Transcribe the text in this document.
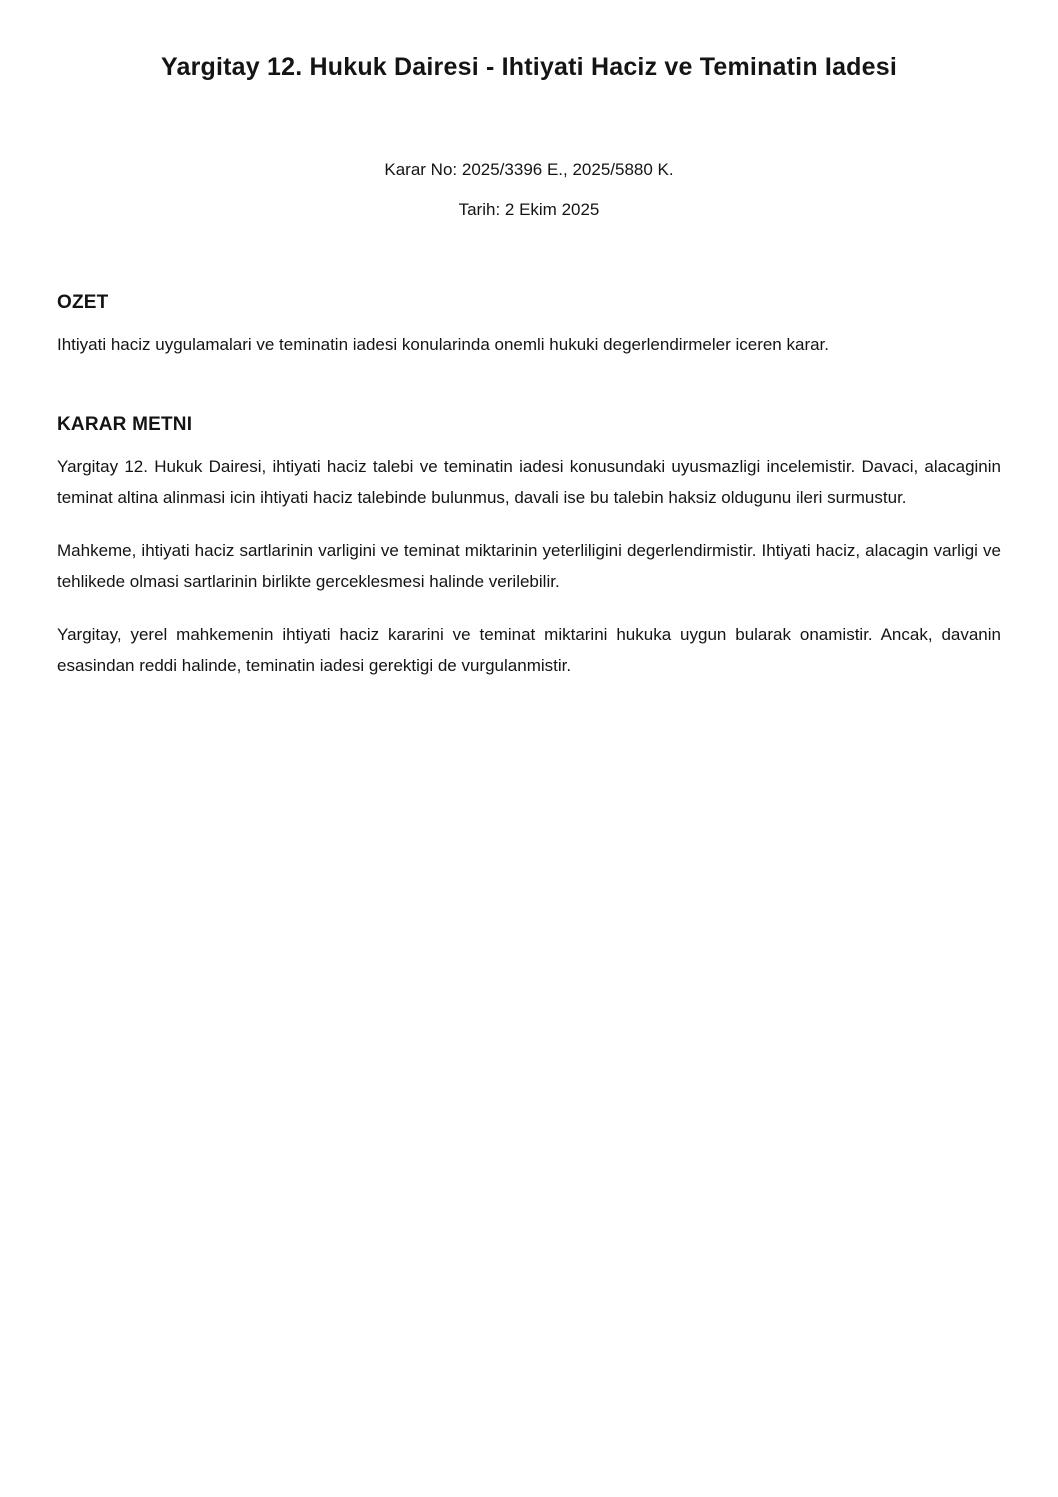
Yargitay 12. Hukuk Dairesi - Ihtiyati Haciz ve Teminatin Iadesi

Karar No: 2025/3396 E., 2025/5880 K.

Tarih: 2 Ekim 2025

OZET

Ihtiyati haciz uygulamalari ve teminatin iadesi konularinda onemli hukuki degerlendirmeler iceren karar.

KARAR METNI

Yargitay 12. Hukuk Dairesi, ihtiyati haciz talebi ve teminatin iadesi konusundaki uyusmazligi incelemistir. Davaci, alacaginin teminat altina alinmasi icin ihtiyati haciz talebinde bulunmus, davali ise bu talebin haksiz oldugunu ileri surmustur.

Mahkeme, ihtiyati haciz sartlarinin varligini ve teminat miktarinin yeterliligini degerlendirmistir. Ihtiyati haciz, alacagin varligi ve tehlikede olmasi sartlarinin birlikte gerceklesmesi halinde verilebilir.

Yargitay, yerel mahkemenin ihtiyati haciz kararini ve teminat miktarini hukuka uygun bularak onamistir. Ancak, davanin esasindan reddi halinde, teminatin iadesi gerektigi de vurgulanmistir.
